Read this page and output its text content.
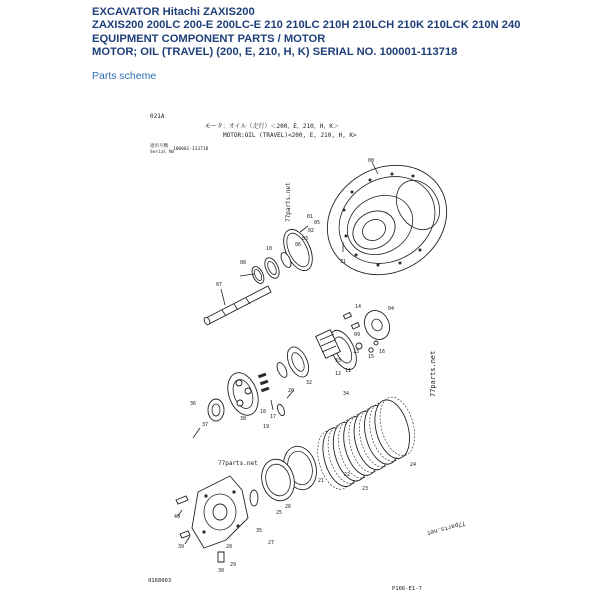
EXCAVATOR Hitachi ZAXIS200
ZAXIS200 200LC 200-E 200LC-E 210 210LC 210H 210LCH 210K 210LCK 210N 240
EQUIPMENT COMPONENT PARTS / MOTOR
MOTOR; OIL (TRAVEL) (200, E, 210, H, K) SERIAL NO. 100001-113718
Parts scheme
021A
モータ：オイル（走行）＜200，E，210，H，K＞
MOTOR:OIL (TRAVEL)<200, E, 210, H, K>
適用号機
Serial No
100001-113718
00
01
05
02
03
06
07
08
10
31
14	04
13
15
16
11
32
20
17
18
19
36
37
38
12
09
21
26
25
23
22
24
35
27
40
39
30
29
28
33
34
77parts.net
77parts.net
77parts.net
77parts.net
9168003
P166-E1-7
